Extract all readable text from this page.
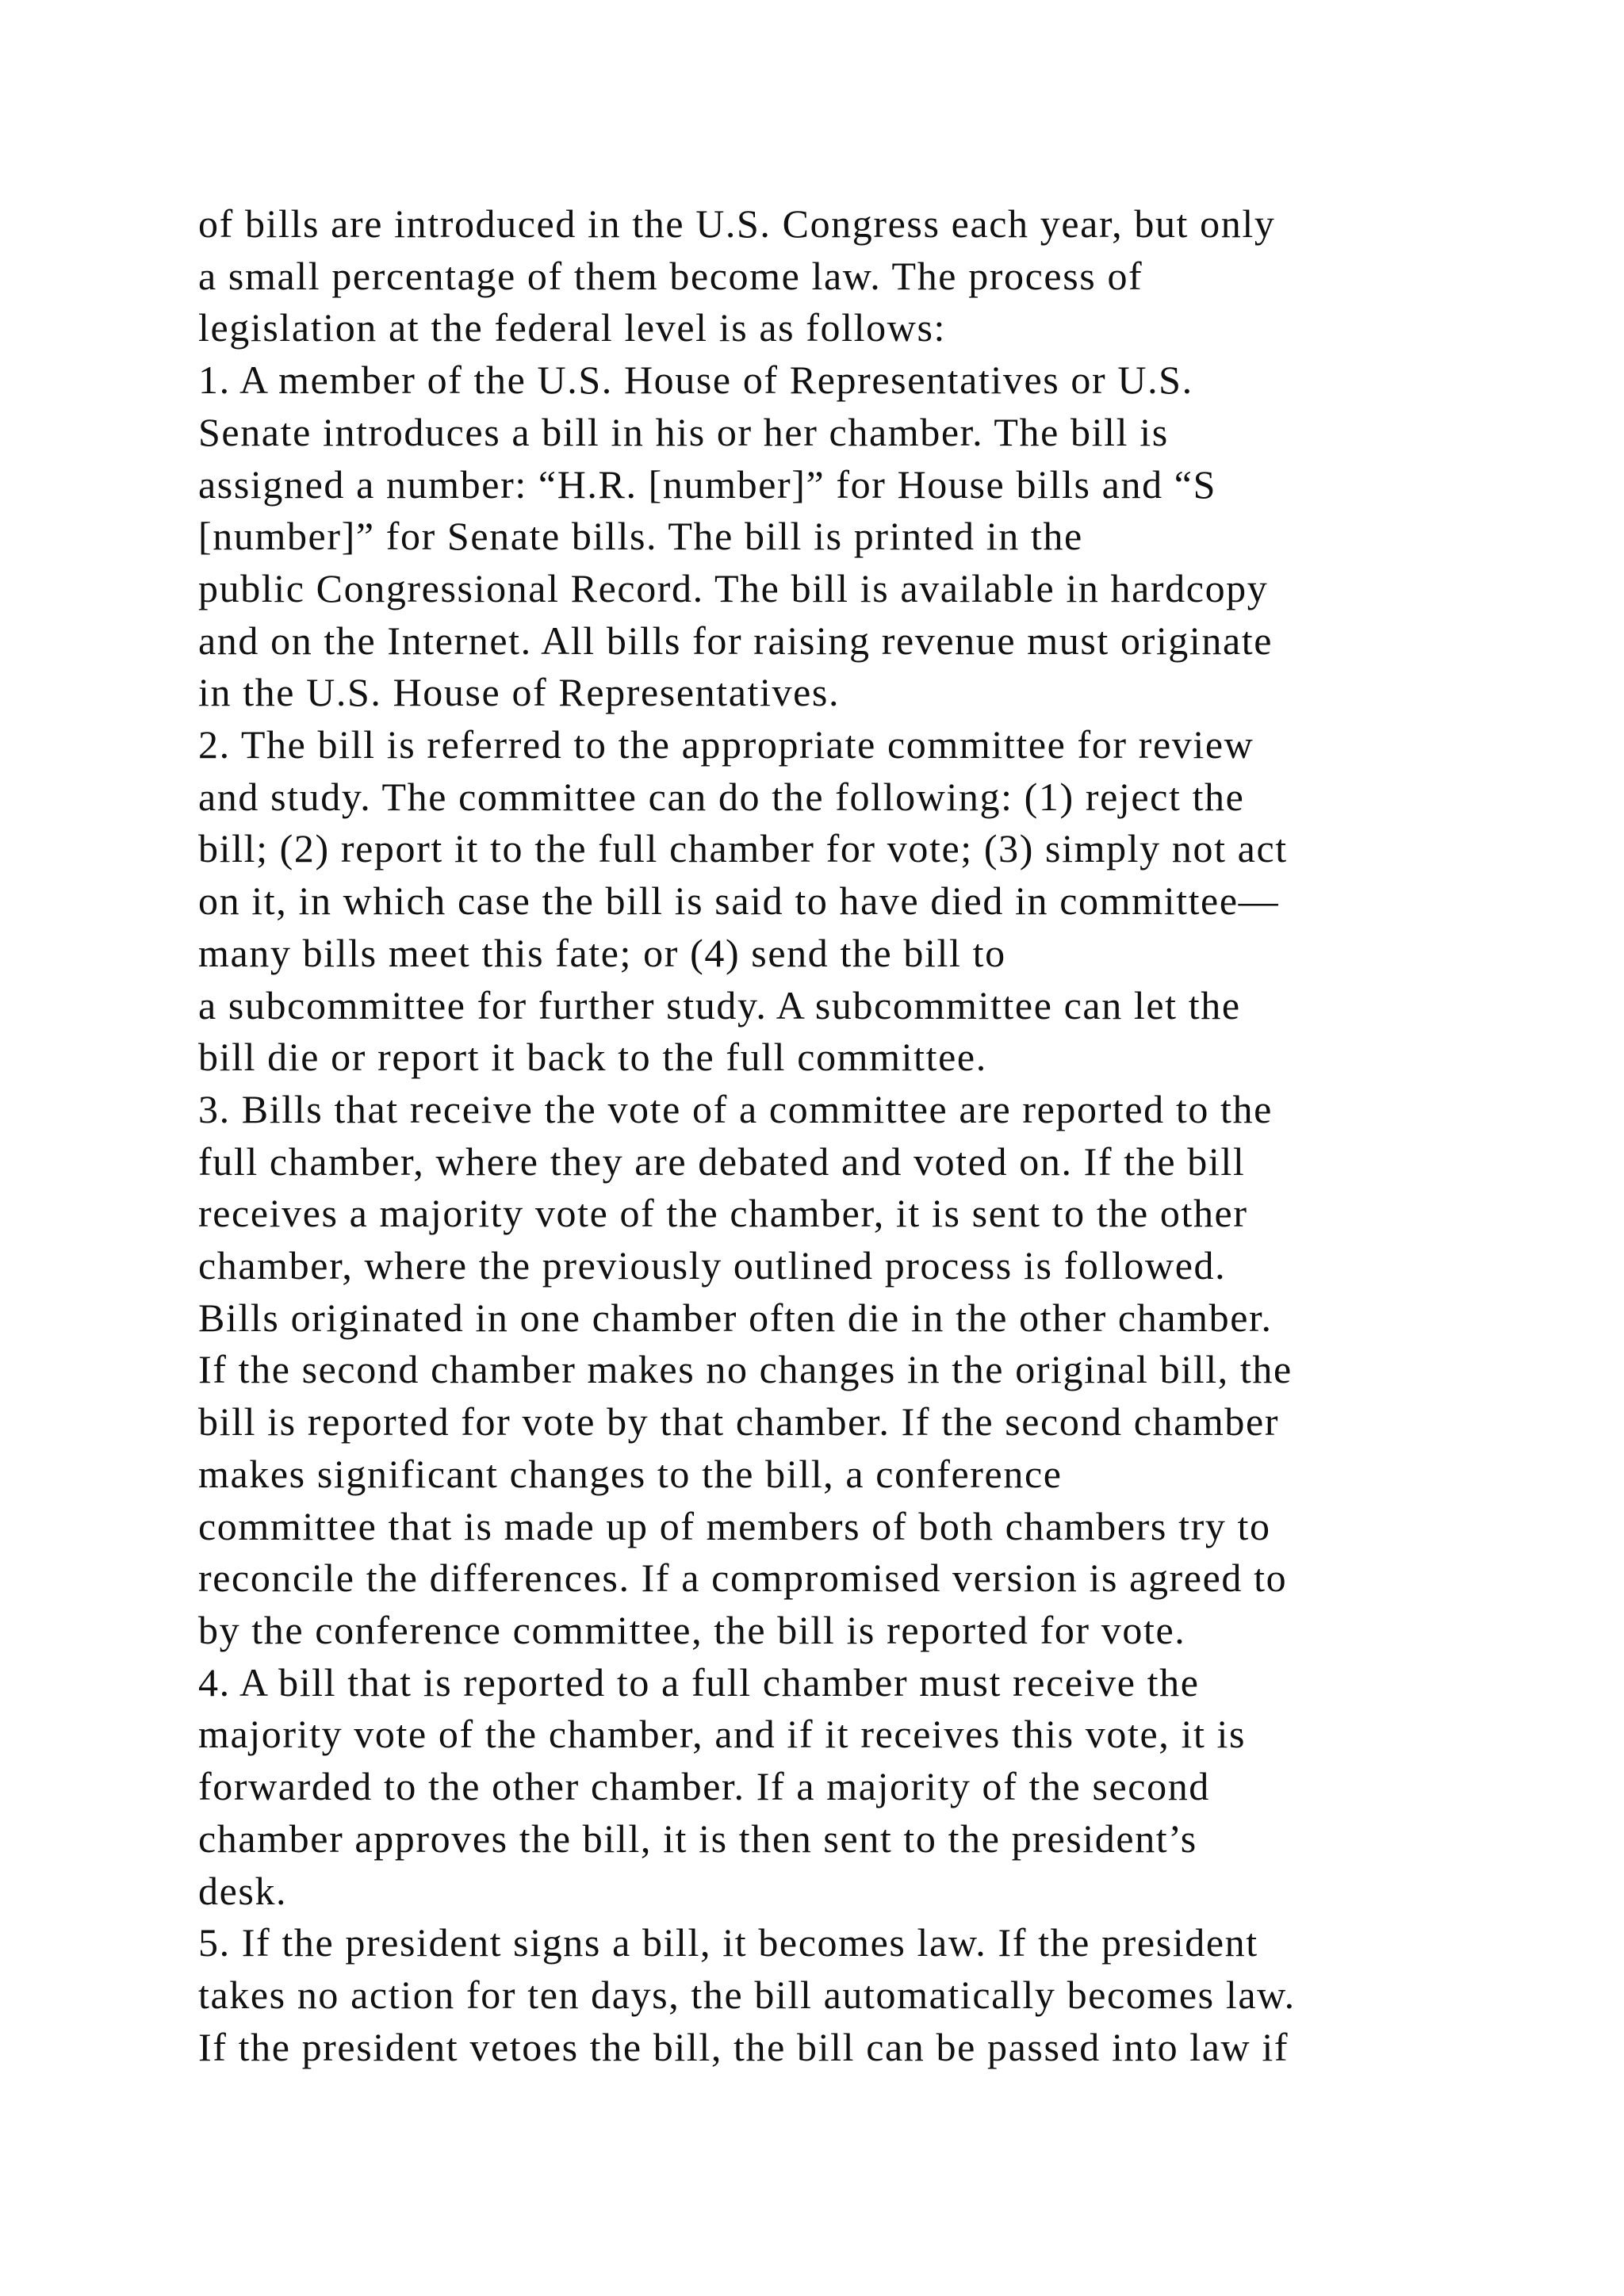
of bills are introduced in the U.S. Congress each year, but only
a small percentage of them become law. The process of
legislation at the federal level is as follows:
1. A member of the U.S. House of Representatives or U.S.
Senate introduces a bill in his or her chamber. The bill is
assigned a number: “H.R. [number]” for House bills and “S
[number]” for Senate bills. The bill is printed in the
public Congressional Record. The bill is available in hardcopy
and on the Internet. All bills for raising revenue must originate
in the U.S. House of Representatives.
2. The bill is referred to the appropriate committee for review
and study. The committee can do the following: (1) reject the
bill; (2) report it to the full chamber for vote; (3) simply not act
on it, in which case the bill is said to have died in committee—
many bills meet this fate; or (4) send the bill to
a subcommittee for further study. A subcommittee can let the
bill die or report it back to the full committee.
3. Bills that receive the vote of a committee are reported to the
full chamber, where they are debated and voted on. If the bill
receives a majority vote of the chamber, it is sent to the other
chamber, where the previously outlined process is followed.
Bills originated in one chamber often die in the other chamber.
If the second chamber makes no changes in the original bill, the
bill is reported for vote by that chamber. If the second chamber
makes significant changes to the bill, a conference
committee that is made up of members of both chambers try to
reconcile the differences. If a compromised version is agreed to
by the conference committee, the bill is reported for vote.
4. A bill that is reported to a full chamber must receive the
majority vote of the chamber, and if it receives this vote, it is
forwarded to the other chamber. If a majority of the second
chamber approves the bill, it is then sent to the president’s
desk.
5. If the president signs a bill, it becomes law. If the president
takes no action for ten days, the bill automatically becomes law.
If the president vetoes the bill, the bill can be passed into law if
